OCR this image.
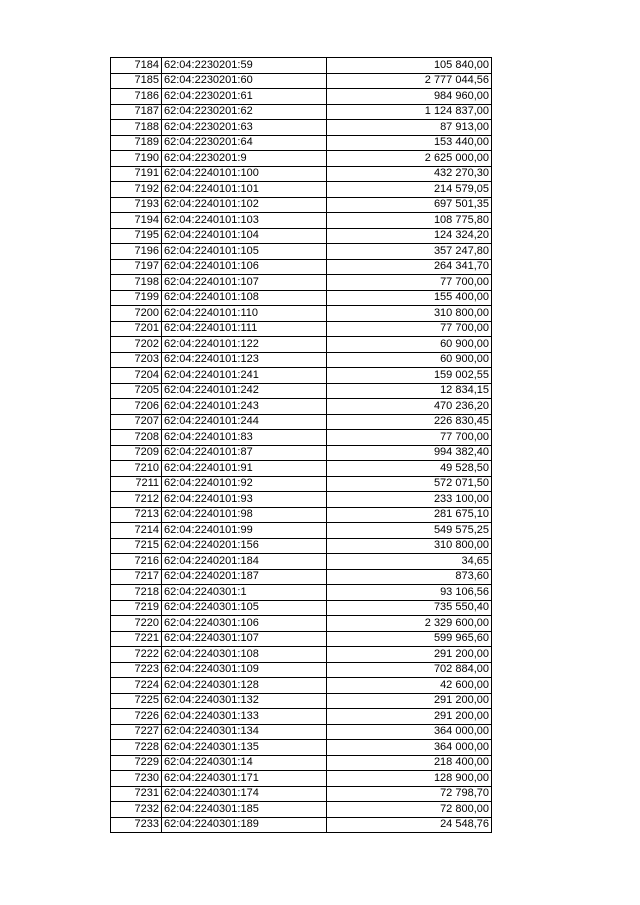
7184	62:04:2230201:59	105 840,00
7185	62:04:2230201:60	2 777 044,56
7186	62:04:2230201:61	984 960,00
7187	62:04:2230201:62	1 124 837,00
7188	62:04:2230201:63	87 913,00
7189	62:04:2230201:64	153 440,00
7190	62:04:2230201:9	2 625 000,00
7191	62:04:2240101:100	432 270,30
7192	62:04:2240101:101	214 579,05
7193	62:04:2240101:102	697 501,35
7194	62:04:2240101:103	108 775,80
7195	62:04:2240101:104	124 324,20
7196	62:04:2240101:105	357 247,80
7197	62:04:2240101:106	264 341,70
7198	62:04:2240101:107	77 700,00
7199	62:04:2240101:108	155 400,00
7200	62:04:2240101:110	310 800,00
7201	62:04:2240101:111	77 700,00
7202	62:04:2240101:122	60 900,00
7203	62:04:2240101:123	60 900,00
7204	62:04:2240101:241	159 002,55
7205	62:04:2240101:242	12 834,15
7206	62:04:2240101:243	470 236,20
7207	62:04:2240101:244	226 830,45
7208	62:04:2240101:83	77 700,00
7209	62:04:2240101:87	994 382,40
7210	62:04:2240101:91	49 528,50
7211	62:04:2240101:92	572 071,50
7212	62:04:2240101:93	233 100,00
7213	62:04:2240101:98	281 675,10
7214	62:04:2240101:99	549 575,25
7215	62:04:2240201:156	310 800,00
7216	62:04:2240201:184	34,65
7217	62:04:2240201:187	873,60
7218	62:04:2240301:1	93 106,56
7219	62:04:2240301:105	735 550,40
7220	62:04:2240301:106	2 329 600,00
7221	62:04:2240301:107	599 965,60
7222	62:04:2240301:108	291 200,00
7223	62:04:2240301:109	702 884,00
7224	62:04:2240301:128	42 600,00
7225	62:04:2240301:132	291 200,00
7226	62:04:2240301:133	291 200,00
7227	62:04:2240301:134	364 000,00
7228	62:04:2240301:135	364 000,00
7229	62:04:2240301:14	218 400,00
7230	62:04:2240301:171	128 900,00
7231	62:04:2240301:174	72 798,70
7232	62:04:2240301:185	72 800,00
7233	62:04:2240301:189	24 548,76
